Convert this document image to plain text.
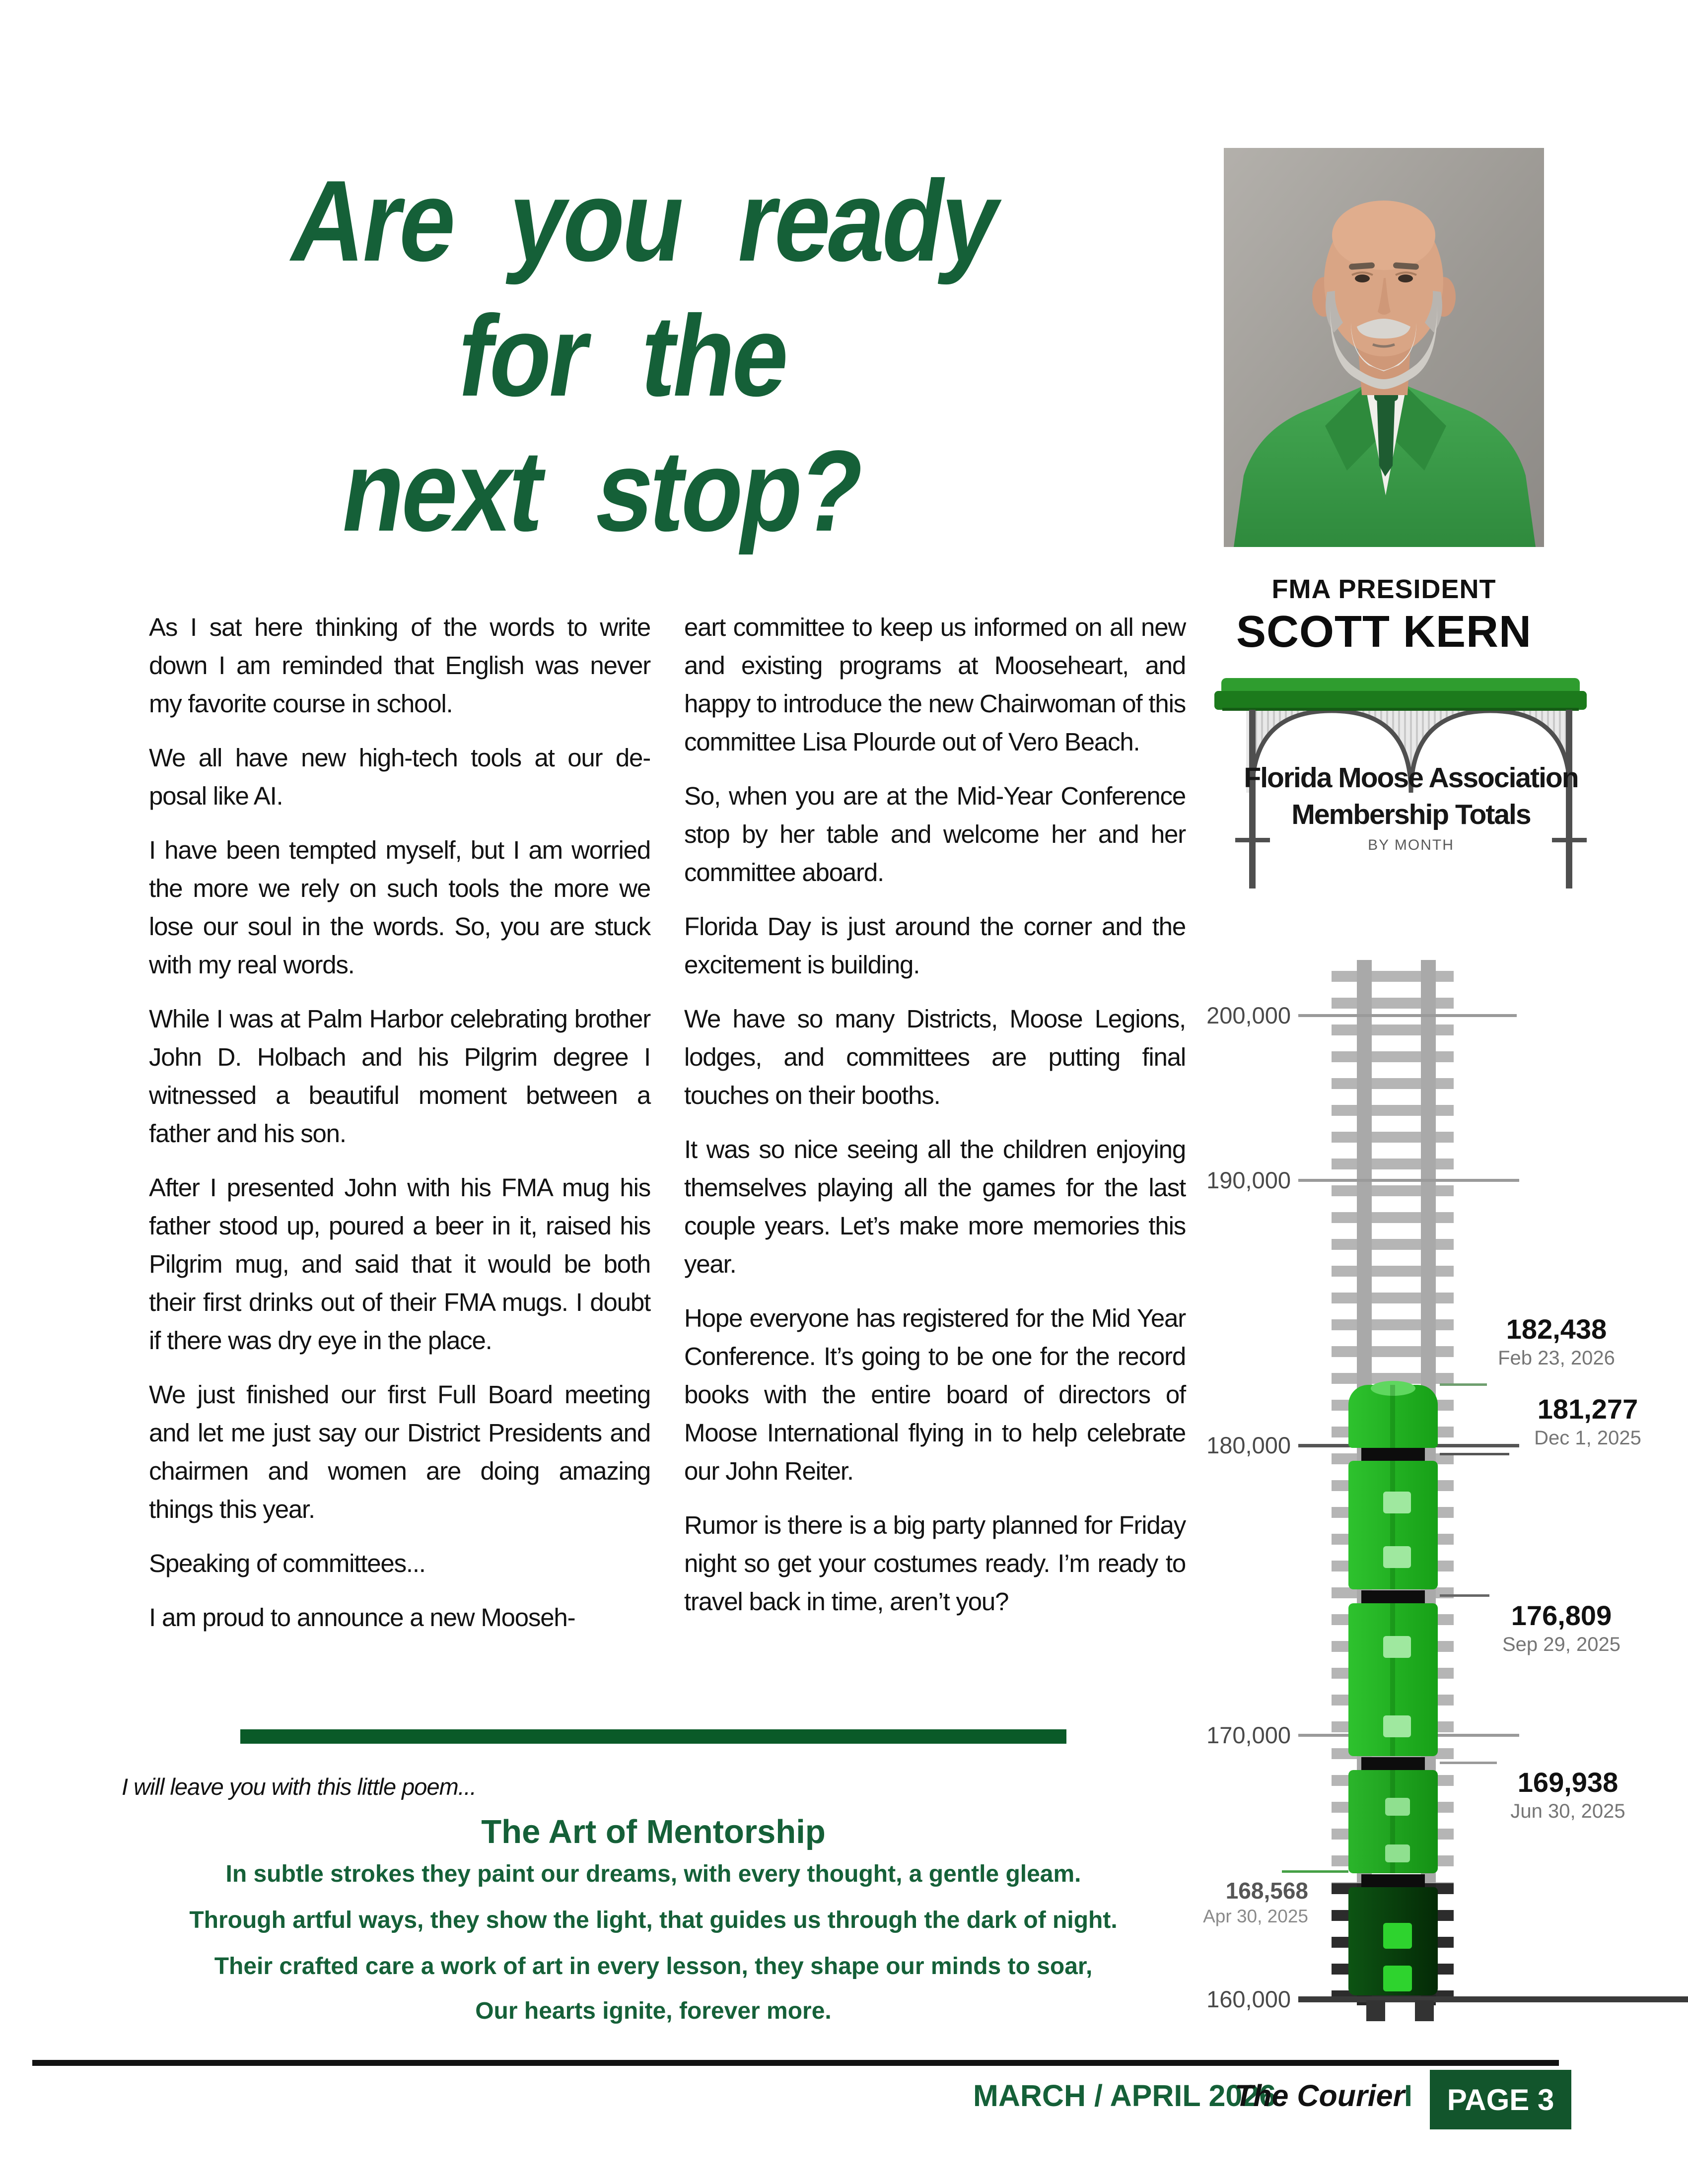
Are you ready
for the
next stop?
FMA PRESIDENT
SCOTT KERN

As I sat here thinking of the words to write down I am reminded that English was never my favorite course in school.

We all have new high-tech tools at our de-posal like AI.

I have been tempted myself, but I am worried the more we rely on such tools the more we lose our soul in the words. So, you are stuck with my real words.

While I was at Palm Harbor celebrating brother John D. Holbach and his Pilgrim degree I witnessed a beautiful moment between a father and his son.

After I presented John with his FMA mug his father stood up, poured a beer in it, raised his Pilgrim mug, and said that it would be both their first drinks out of their FMA mugs. I doubt if there was dry eye in the place.

We just finished our first Full Board meeting and let me just say our District Presidents and chairmen and women are doing amazing things this year.

Speaking of committees...

I am proud to announce a new Mooseh-

eart committee to keep us informed on all new and existing programs at Mooseheart, and happy to introduce the new Chairwoman of this committee Lisa Plourde out of Vero Beach.

So, when you are at the Mid-Year Conference stop by her table and welcome her and her committee aboard.

Florida Day is just around the corner and the excitement is building.

We have so many Districts, Moose Legions, lodges, and committees are putting final touches on their booths.

It was so nice seeing all the children enjoying themselves playing all the games for the last couple years. Let’s make more memories this year.

Hope everyone has registered for the Mid Year Conference. It’s going to be one for the record books with the entire board of directors of Moose International flying in to help celebrate our John Reiter.

Rumor is there is a big party planned for Friday night so get your costumes ready. I’m ready to travel back in time, aren’t you?

Florida Moose Association
Membership Totals
BY MONTH
200,000
190,000
180,000
170,000
160,000
182,438
Feb 23, 2026
181,277
Dec 1, 2025
176,809
Sep 29, 2025
169,938
Jun 30, 2025
168,568
Apr 30, 2025
I will leave you with this little poem...
The Art of Mentorship
In subtle strokes they paint our dreams, with every thought, a gentle gleam.
Through artful ways, they show the light, that guides us through the dark of night.
Their crafted care a work of art in every lesson, they shape our minds to soar,
Our hearts ignite, forever more.
MARCH / APRIL 2026
The Courier
I	PAGE 3
